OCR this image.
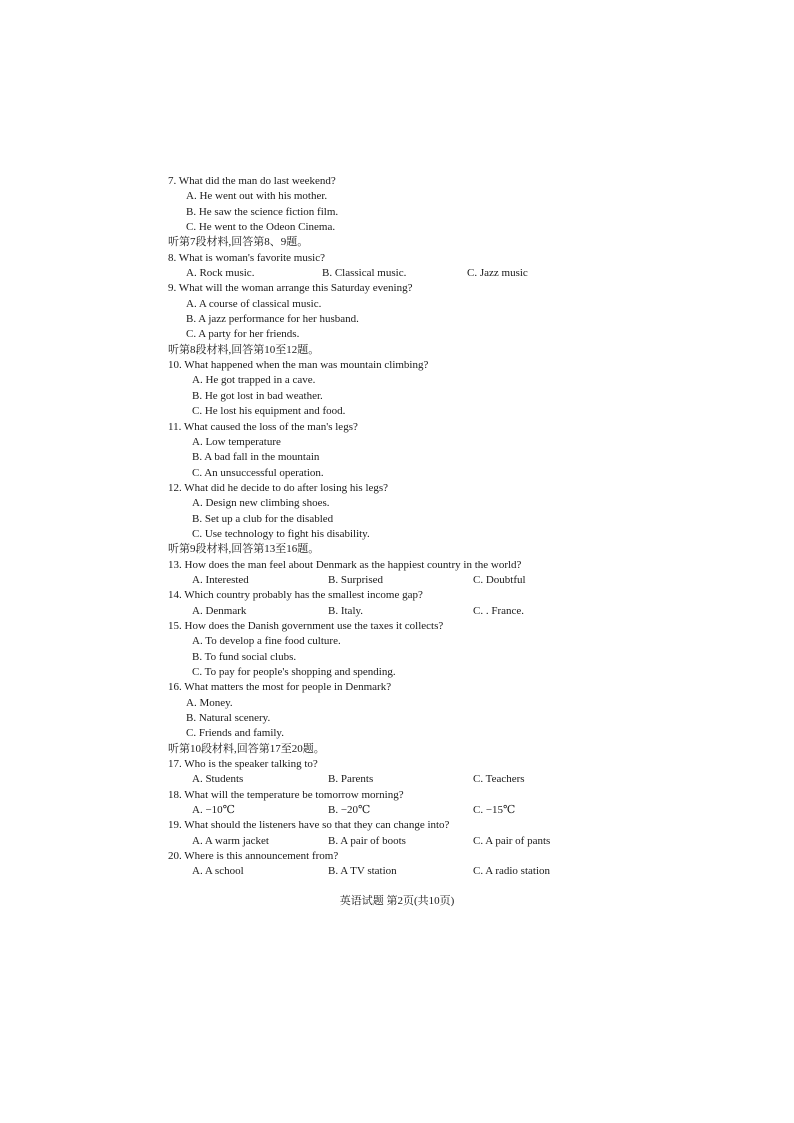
7. What did the man do last weekend?
A. He went out with his mother.
B. He saw the science fiction film.
C. He went to the Odeon Cinema.
听第7段材料,回答第8、9题。
8. What is woman's favorite music?
A. Rock music.	B. Classical music.	C. Jazz music
9. What will the woman arrange this Saturday evening?
A. A course of classical music.
B. A jazz performance for her husband.
C. A party for her friends.
听第8段材料,回答第10至12题。
10. What happened when the man was mountain climbing?
A. He got trapped in a cave.
B. He got lost in bad weather.
C. He lost his equipment and food.
11. What caused the loss of the man's legs?
A. Low temperature
B. A bad fall in the mountain
C. An unsuccessful operation.
12. What did he decide to do after losing his legs?
A. Design new climbing shoes.
B. Set up a club for the disabled
C. Use technology to fight his disability.
听第9段材料,回答第13至16题。
13. How does the man feel about Denmark as the happiest country in the world?
A. Interested	B. Surprised	C. Doubtful
14. Which country probably has the smallest income gap?
A. Denmark	B. Italy.	C. . France.
15. How does the Danish government use the taxes it collects?
A. To develop a fine food culture.
B. To fund social clubs.
C. To pay for people's shopping and spending.
16. What matters the most for people in Denmark?
A. Money.
B. Natural scenery.
C. Friends and family.
听第10段材料,回答第17至20题。
17. Who is the speaker talking to?
A. Students	B. Parents	C. Teachers
18. What will the temperature be tomorrow morning?
A. −10℃	B. −20℃	C. −15℃
19. What should the listeners have so that they can change into?
A. A warm jacket	B. A pair of boots	C. A pair of pants
20. Where is this announcement from?
A. A school	B. A TV station	C. A radio station
英语试题 第2页(共10页)
